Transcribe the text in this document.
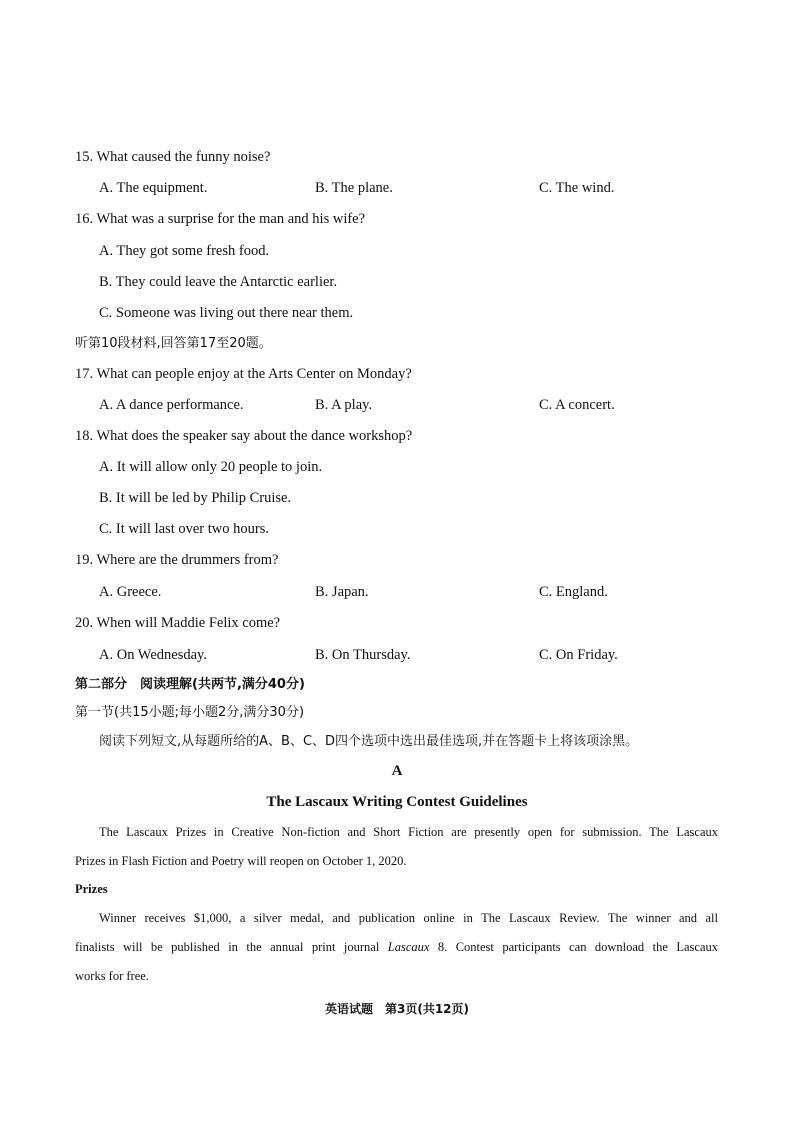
15. What caused the funny noise?
A. The equipment.	B. The plane.	C. The wind.
16. What was a surprise for the man and his wife?
A. They got some fresh food.
B. They could leave the Antarctic earlier.
C. Someone was living out there near them.
听第10段材料,回答第17至20题。
17. What can people enjoy at the Arts Center on Monday?
A. A dance performance.	B. A play.	C. A concert.
18. What does the speaker say about the dance workshop?
A. It will allow only 20 people to join.
B. It will be led by Philip Cruise.
C. It will last over two hours.
19. Where are the drummers from?
A. Greece.	B. Japan.	C. England.
20. When will Maddie Felix come?
A. On Wednesday.	B. On Thursday.	C. On Friday.
第二部分　阅读理解(共两节,满分40分)
第一节(共15小题;每小题2分,满分30分)
阅读下列短文,从每题所给的A、B、C、D四个选项中选出最佳选项,并在答题卡上将该项涂黑。
A
The Lascaux Writing Contest Guidelines
The Lascaux Prizes in Creative Non-fiction and Short Fiction are presently open for submission. The Lascaux
Prizes in Flash Fiction and Poetry will reopen on October 1, 2020.
Prizes
Winner receives $1,000, a silver medal, and publication online in The Lascaux Review. The winner and all
finalists will be published in the annual print journal Lascaux 8. Contest participants can download the Lascaux
works for free.
英语试题　第3页(共12页)
